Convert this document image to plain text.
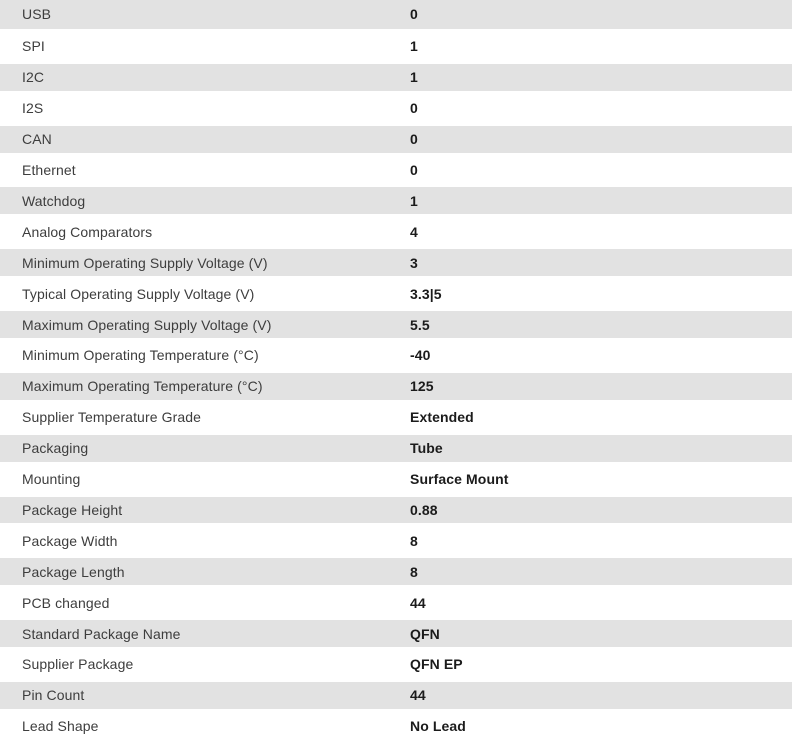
USB	0
SPI	1
I2C	1
I2S	0
CAN	0
Ethernet	0
Watchdog	1
Analog Comparators	4
Minimum Operating Supply Voltage (V)	3
Typical Operating Supply Voltage (V)	3.3|5
Maximum Operating Supply Voltage (V)	5.5
Minimum Operating Temperature (°C)	-40
Maximum Operating Temperature (°C)	125
Supplier Temperature Grade	Extended
Packaging	Tube
Mounting	Surface Mount
Package Height	0.88
Package Width	8
Package Length	8
PCB changed	44
Standard Package Name	QFN
Supplier Package	QFN EP
Pin Count	44
Lead Shape	No Lead
